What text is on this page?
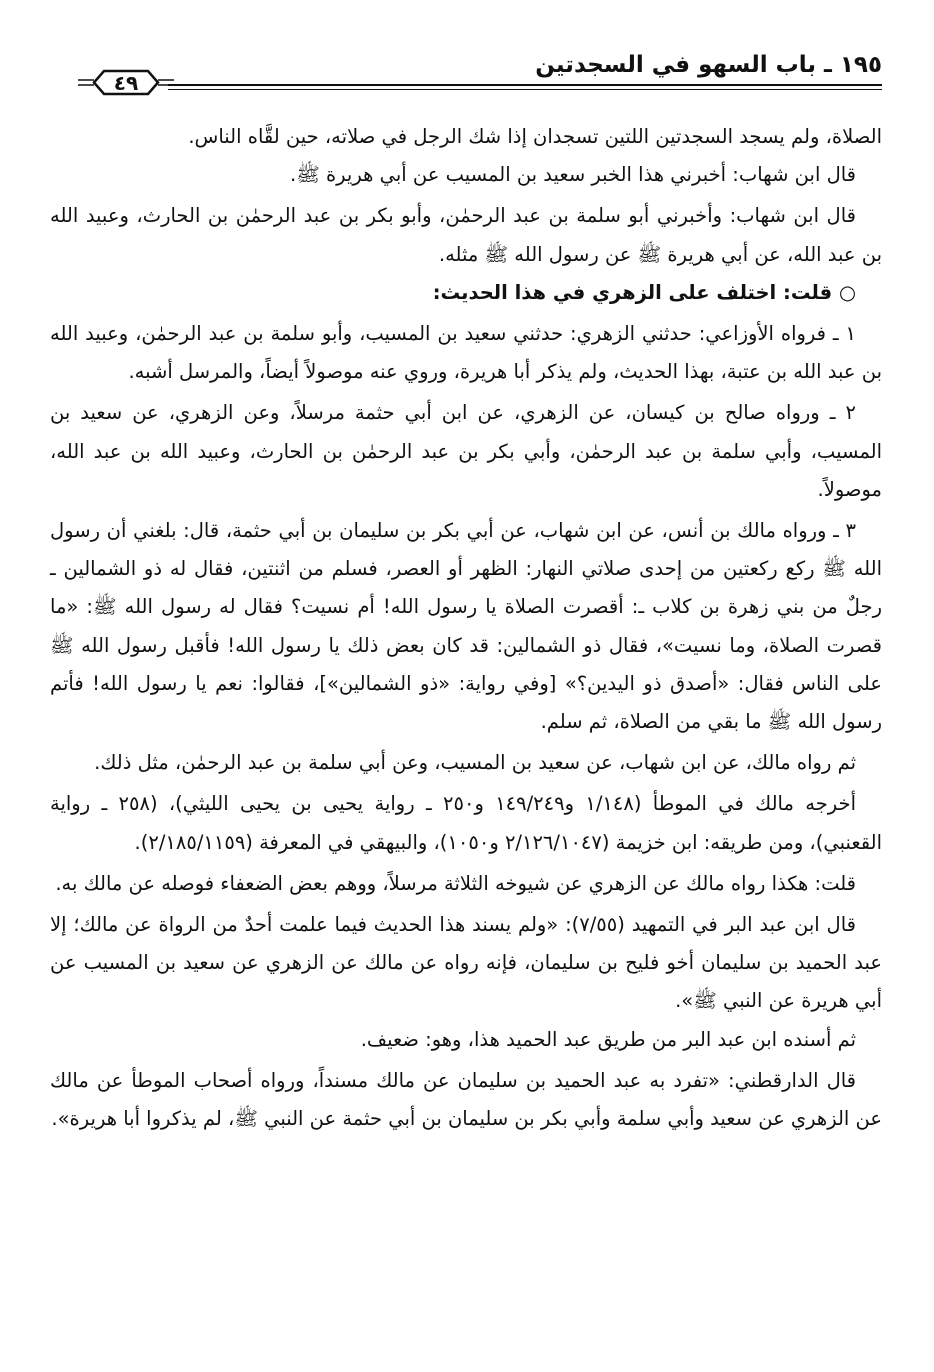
١٩٥ ـ باب السهو في السجدتين
٤٩

الصلاة، ولم يسجد السجدتين اللتين تسجدان إذا شك الرجل في صلاته، حين لقَّاه الناس.

قال ابن شهاب: أخبرني هذا الخبر سعيد بن المسيب عن أبي هريرة ﷺ.

قال ابن شهاب: وأخبرني أبو سلمة بن عبد الرحمٰن، وأبو بكر بن عبد الرحمٰن بن الحارث، وعبيد الله بن عبد الله، عن أبي هريرة ﷺ عن رسول الله ﷺ مثله.

○ قلت: اختلف على الزهري في هذا الحديث:

١ ـ فرواه الأوزاعي: حدثني الزهري: حدثني سعيد بن المسيب، وأبو سلمة بن عبد الرحمٰن، وعبيد الله بن عبد الله بن عتبة، بهذا الحديث، ولم يذكر أبا هريرة، وروي عنه موصولاً أيضاً، والمرسل أشبه.

٢ ـ ورواه صالح بن كيسان، عن الزهري، عن ابن أبي حثمة مرسلاً، وعن الزهري، عن سعيد بن المسيب، وأبي سلمة بن عبد الرحمٰن، وأبي بكر بن عبد الرحمٰن بن الحارث، وعبيد الله بن عبد الله، موصولاً.

٣ ـ ورواه مالك بن أنس، عن ابن شهاب، عن أبي بكر بن سليمان بن أبي حثمة، قال: بلغني أن رسول الله ﷺ ركع ركعتين من إحدى صلاتي النهار: الظهر أو العصر، فسلم من اثنتين، فقال له ذو الشمالين ـ رجلٌ من بني زهرة بن كلاب ـ: أقصرت الصلاة يا رسول الله! أم نسيت؟ فقال له رسول الله ﷺ: «ما قصرت الصلاة، وما نسيت»، فقال ذو الشمالين: قد كان بعض ذلك يا رسول الله! فأقبل رسول الله ﷺ على الناس فقال: «أصدق ذو اليدين؟» [وفي رواية: «ذو الشمالين»]، فقالوا: نعم يا رسول الله! فأتم رسول الله ﷺ ما بقي من الصلاة، ثم سلم.

ثم رواه مالك، عن ابن شهاب، عن سعيد بن المسيب، وعن أبي سلمة بن عبد الرحمٰن، مثل ذلك.

أخرجه مالك في الموطأ (١/١٤٨ و١٤٩/٢٤٩ و٢٥٠ ـ رواية يحيى بن يحيى الليثي)، (٢٥٨ ـ رواية القعنبي)، ومن طريقه: ابن خزيمة (٢/١٢٦/١٠٤٧ و١٠٥٠)، والبيهقي في المعرفة (٢/١٨٥/١١٥٩).

قلت: هكذا رواه مالك عن الزهري عن شيوخه الثلاثة مرسلاً، ووهم بعض الضعفاء فوصله عن مالك به.

قال ابن عبد البر في التمهيد (٧/٥٥): «ولم يسند هذا الحديث فيما علمت أحدٌ من الرواة عن مالك؛ إلا عبد الحميد بن سليمان أخو فليح بن سليمان، فإنه رواه عن مالك عن الزهري عن سعيد بن المسيب عن أبي هريرة عن النبي ﷺ».

ثم أسنده ابن عبد البر من طريق عبد الحميد هذا، وهو: ضعيف.

قال الدارقطني: «تفرد به عبد الحميد بن سليمان عن مالك مسنداً، ورواه أصحاب الموطأ عن مالك عن الزهري عن سعيد وأبي سلمة وأبي بكر بن سليمان بن أبي حثمة عن النبي ﷺ، لم يذكروا أبا هريرة».
